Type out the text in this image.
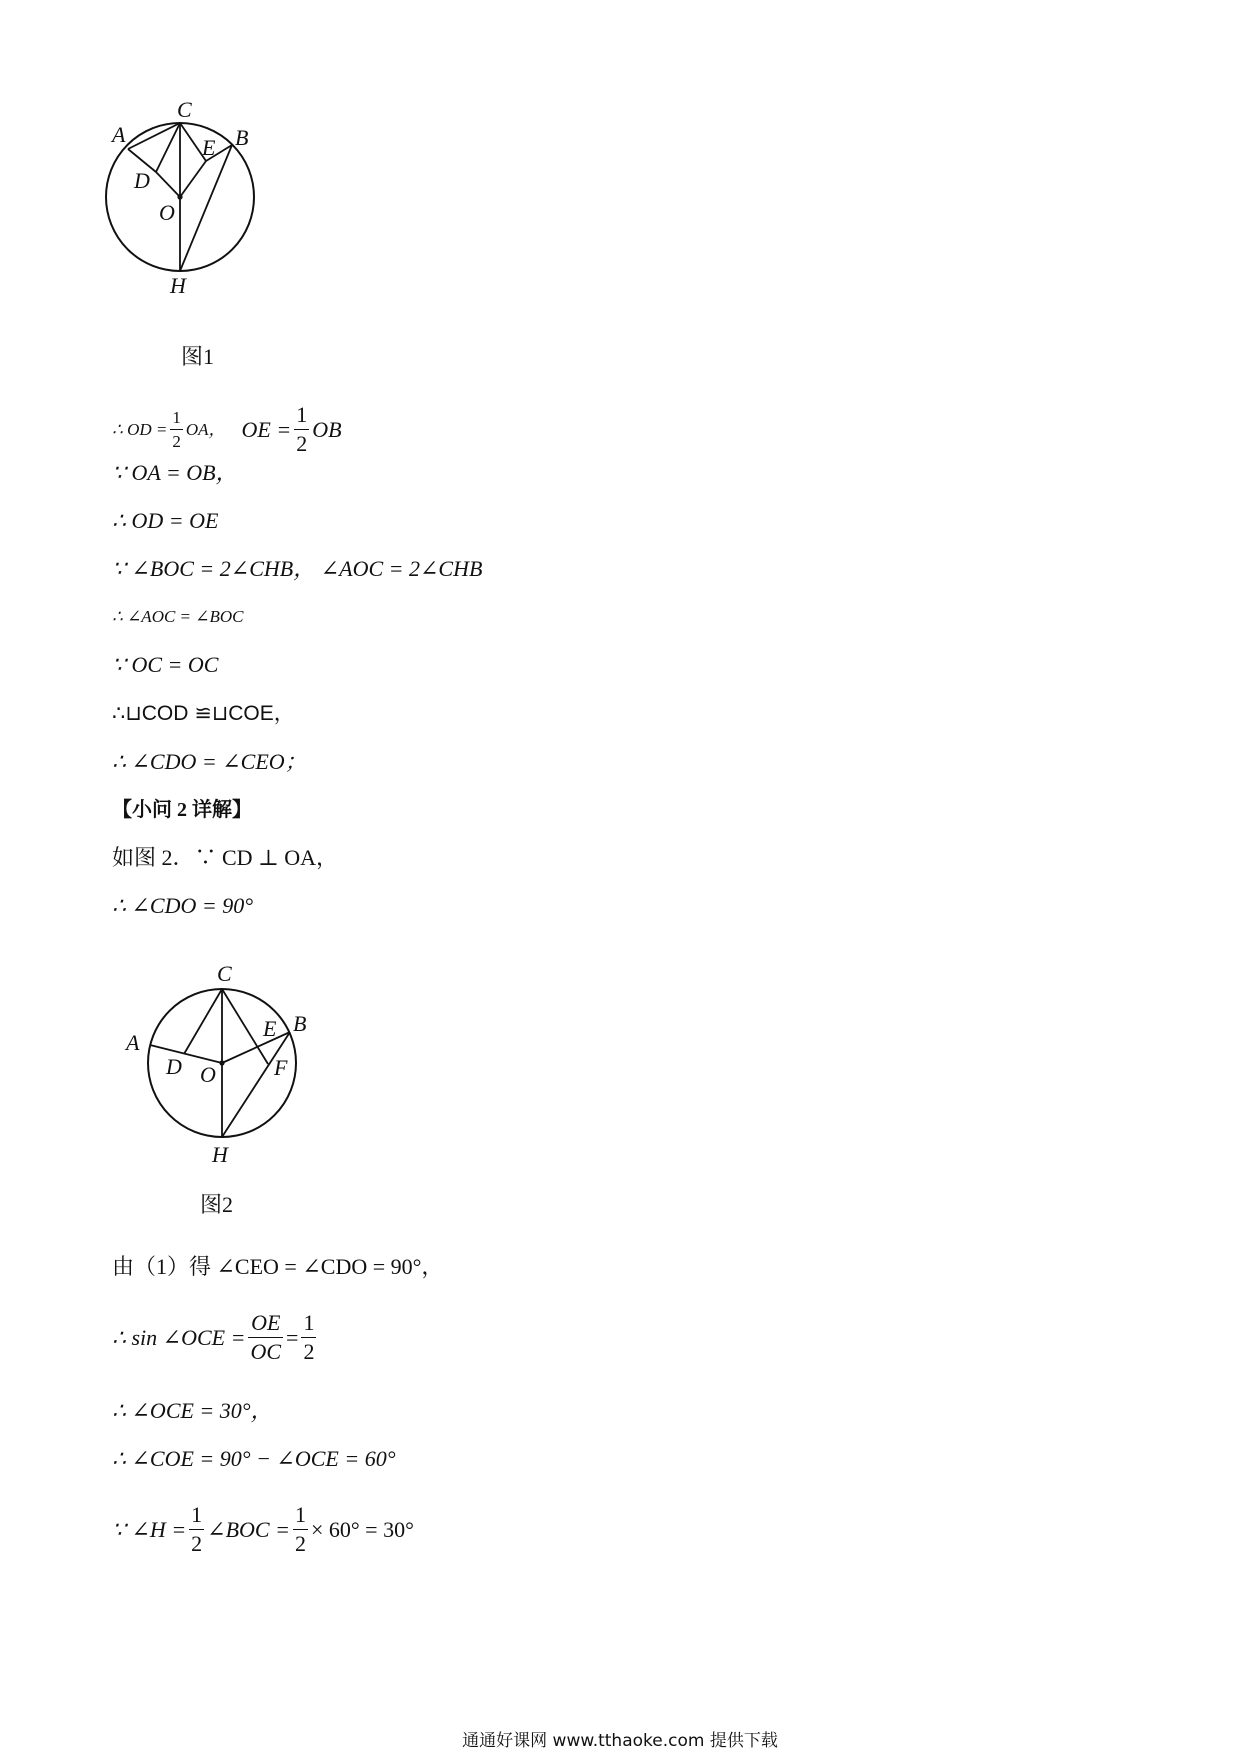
C
A	B
E
D
O
H
图1
∴ OD = $\frac{1}{2}$ OA， OE = $\frac{1}{2}$ OB
∵ OA = OB，
∴ OD = OE
∵ ∠BOC = 2∠CHB， ∠AOC = 2∠CHB
∴ ∠AOC = ∠BOC
∵ OC = OC
∴⊔COD ≌⊔COE，
∴ ∠CDO = ∠CEO；
【小问 2 详解】
如图 2．∵ CD ⊥ OA，
∴ ∠CDO = 90°
C
A
B
E
D O	F
H
图2
由（1）得 ∠CEO = ∠CDO = 90°，
∴ sin ∠OCE = $\frac{OE}{OC} = \frac{1}{2}$
∴ ∠OCE = 30°，
∴ ∠COE = 90° − ∠OCE = 60°
∵ ∠H = $\frac{1}{2}$ ∠BOC = $\frac{1}{2} \times 60^\circ = 30^\circ$
通通好课网 www.tthaoke.com 提供下载
